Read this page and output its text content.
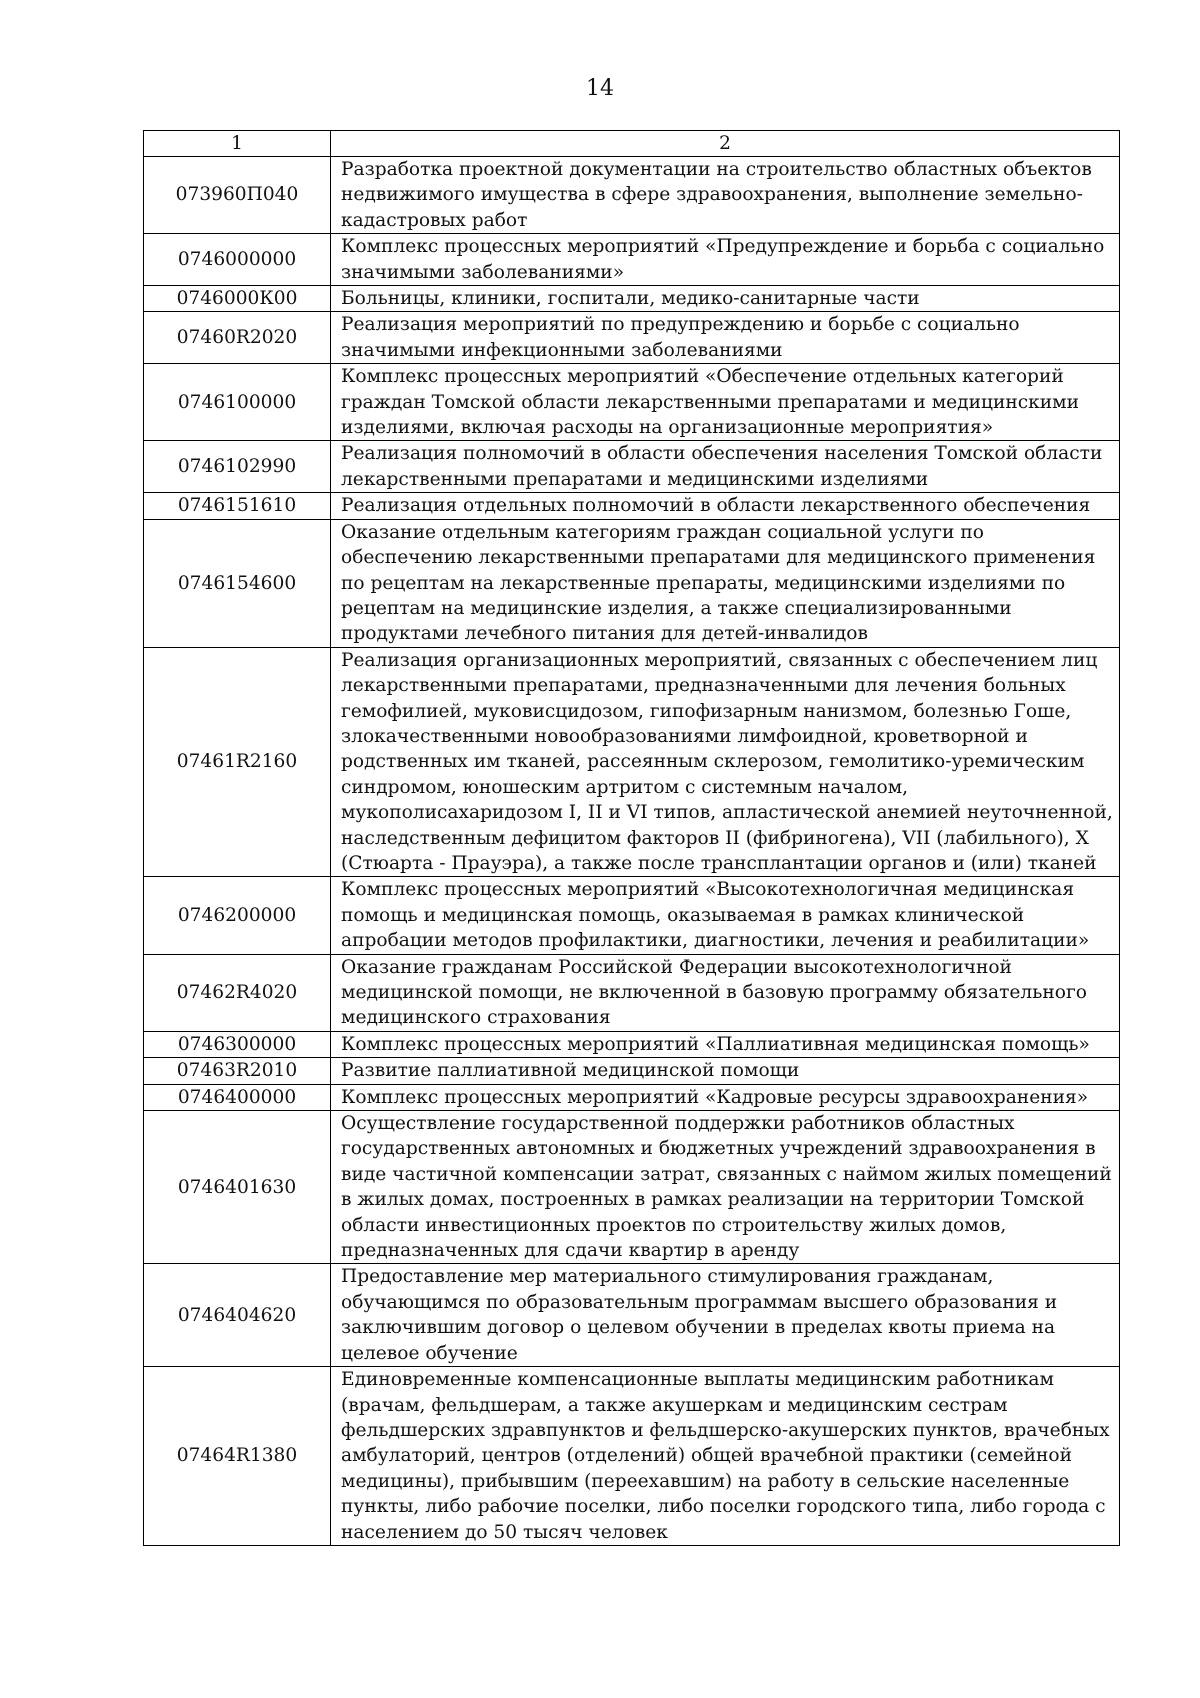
14
1	2
073960П040	Разработка проектной документации на строительство областных объектов недвижимого имущества в сфере здравоохранения, выполнение земельно-кадастровых работ
0746000000	Комплекс процессных мероприятий «Предупреждение и борьба с социально значимыми заболеваниями»
0746000К00	Больницы, клиники, госпитали, медико-санитарные части
07460R2020	Реализация мероприятий по предупреждению и борьбе с социально значимыми инфекционными заболеваниями
0746100000	Комплекс процессных мероприятий «Обеспечение отдельных категорий граждан Томской области лекарственными препаратами и медицинскими изделиями, включая расходы на организационные мероприятия»
0746102990	Реализация полномочий в области обеспечения населения Томской области лекарственными препаратами и медицинскими изделиями
0746151610	Реализация отдельных полномочий в области лекарственного обеспечения
0746154600	Оказание отдельным категориям граждан социальной услуги по обеспечению лекарственными препаратами для медицинского применения по рецептам на лекарственные препараты, медицинскими изделиями по рецептам на медицинские изделия, а также специализированными продуктами лечебного питания для детей-инвалидов
07461R2160	Реализация организационных мероприятий, связанных с обеспечением лиц лекарственными препаратами, предназначенными для лечения больных гемофилией, муковисцидозом, гипофизарным нанизмом, болезнью Гоше, злокачественными новообразованиями лимфоидной, кроветворной и родственных им тканей, рассеянным склерозом, гемолитико-уремическим синдромом, юношеским артритом с системным началом, мукополисахаридозом I, II и VI типов, апластической анемией неуточненной, наследственным дефицитом факторов II (фибриногена), VII (лабильного), X (Стюарта - Прауэра), а также после трансплантации органов и (или) тканей
0746200000	Комплекс процессных мероприятий «Высокотехнологичная медицинская помощь и медицинская помощь, оказываемая в рамках клинической апробации методов профилактики, диагностики, лечения и реабилитации»
07462R4020	Оказание гражданам Российской Федерации высокотехнологичной медицинской помощи, не включенной в базовую программу обязательного медицинского страхования
0746300000	Комплекс процессных мероприятий «Паллиативная медицинская помощь»
07463R2010	Развитие паллиативной медицинской помощи
0746400000	Комплекс процессных мероприятий «Кадровые ресурсы здравоохранения»
0746401630	Осуществление государственной поддержки работников областных государственных автономных и бюджетных учреждений здравоохранения в виде частичной компенсации затрат, связанных с наймом жилых помещений в жилых домах, построенных в рамках реализации на территории Томской области инвестиционных проектов по строительству жилых домов, предназначенных для сдачи квартир в аренду
0746404620	Предоставление мер материального стимулирования гражданам, обучающимся по образовательным программам высшего образования и заключившим договор о целевом обучении в пределах квоты приема на целевое обучение
07464R1380	Единовременные компенсационные выплаты медицинским работникам (врачам, фельдшерам, а также акушеркам и медицинским сестрам фельдшерских здравпунктов и фельдшерско-акушерских пунктов, врачебных амбулаторий, центров (отделений) общей врачебной практики (семейной медицины), прибывшим (переехавшим) на работу в сельские населенные пункты, либо рабочие поселки, либо поселки городского типа, либо города с населением до 50 тысяч человек
